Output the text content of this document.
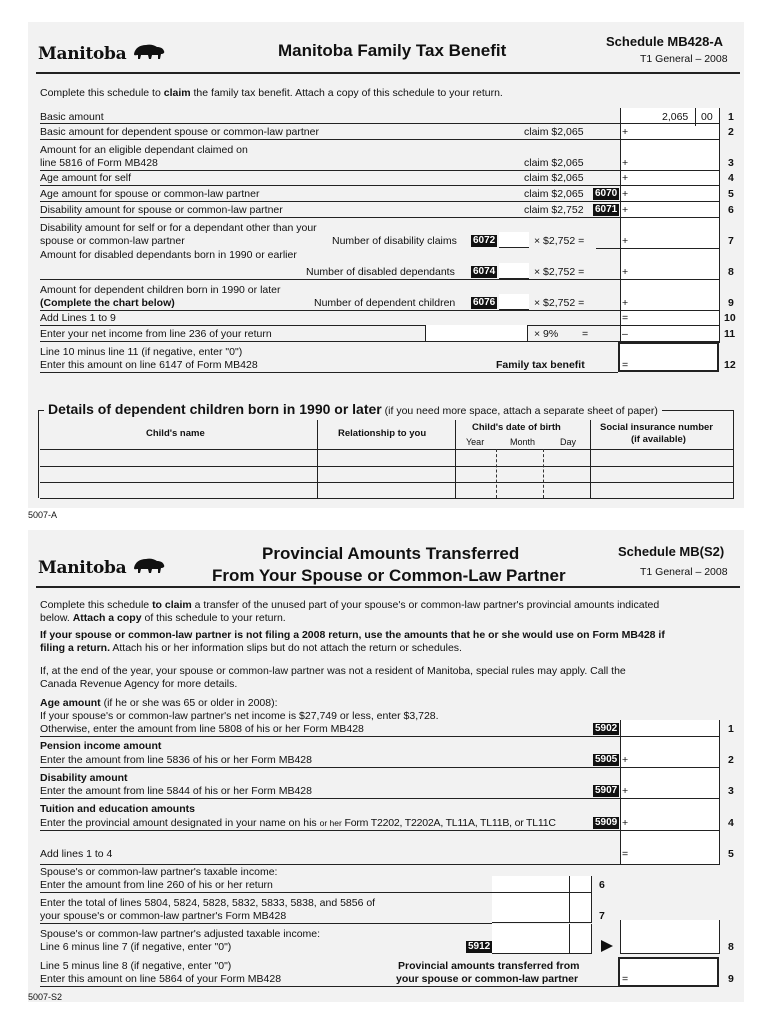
Manitoba	Manitoba Family Tax Benefit	Schedule MB428-A
T1 General – 2008
Complete this schedule to claim the family tax benefit. Attach a copy of this schedule to your return.
Basic amount	2,065 00 1
Basic amount for dependent spouse or common-law partner	claim $2,065	+	2
Amount for an eligible dependant claimed on
line 5816 of Form MB428	claim $2,065	+	3
Age amount for self	claim $2,065	+	4
Age amount for spouse or common-law partner	claim $2,065 6070 +	5
Disability amount for spouse or common-law partner	claim $2,752 6071 +	6
Disability amount for self or for a dependant other than your
spouse or common-law partner	Number of disability claims 6072	× $2,752 =	+	7
Amount for disabled dependants born in 1990 or earlier
Number of disabled dependants 6074	× $2,752 =	+	8
Amount for dependent children born in 1990 or later
(Complete the chart below)	Number of dependent children 6076	× $2,752 =	+	9
Add Lines 1 to 9	=	10
Enter your net income from line 236 of your return	× 9% =	–	11
Line 10 minus line 11 (if negative, enter "0")
Enter this amount on line 6147 of Form MB428	Family tax benefit	=	12
Details of dependent children born in 1990 or later (if you need more space, attach a separate sheet of paper)
Child's name	Relationship to you
Child's date of birth
Year	Month	Day
Social insurance number
(if available)
5007-A
Manitoba
Provincial Amounts Transferred
From Your Spouse or Common-Law Partner
Schedule MB(S2)
T1 General – 2008
Complete this schedule to claim a transfer of the unused part of your spouse's or common-law partner's provincial amounts indicated
below. Attach a copy of this schedule to your return.
If your spouse or common-law partner is not filing a 2008 return, use the amounts that he or she would use on Form MB428 if
filing a return. Attach his or her information slips but do not attach the return or schedules.
If, at the end of the year, your spouse or common-law partner was not a resident of Manitoba, special rules may apply. Call the
Canada Revenue Agency for more details.
Age amount (if he or she was 65 or older in 2008):
If your spouse's or common-law partner's net income is $27,749 or less, enter $3,728.
Otherwise, enter the amount from line 5808 of his or her Form MB428	5902	1
Pension income amount
Enter the amount from line 5836 of his or her Form MB428	5905 +	2
Disability amount
Enter the amount from line 5844 of his or her Form MB428	5907 +	3
Tuition and education amounts
Enter the provincial amount designated in your name on his or her Form T2202, T2202A, TL11A, TL11B, or TL11C	5909 +	4
Add lines 1 to 4	=	5
Spouse's or common-law partner's taxable income:
Enter the amount from line 260 of his or her return	6
Enter the total of lines 5804, 5824, 5828, 5832, 5833, 5838, and 5856 of
your spouse's or common-law partner's Form MB428	7
Spouse's or common-law partner's adjusted taxable income:
Line 6 minus line 7 (if negative, enter "0")	5912	8
Line 5 minus line 8 (if negative, enter "0")
Enter this amount on line 5864 of your Form MB428
Provincial amounts transferred from
your spouse or common-law partner	=	9
5007-S2
